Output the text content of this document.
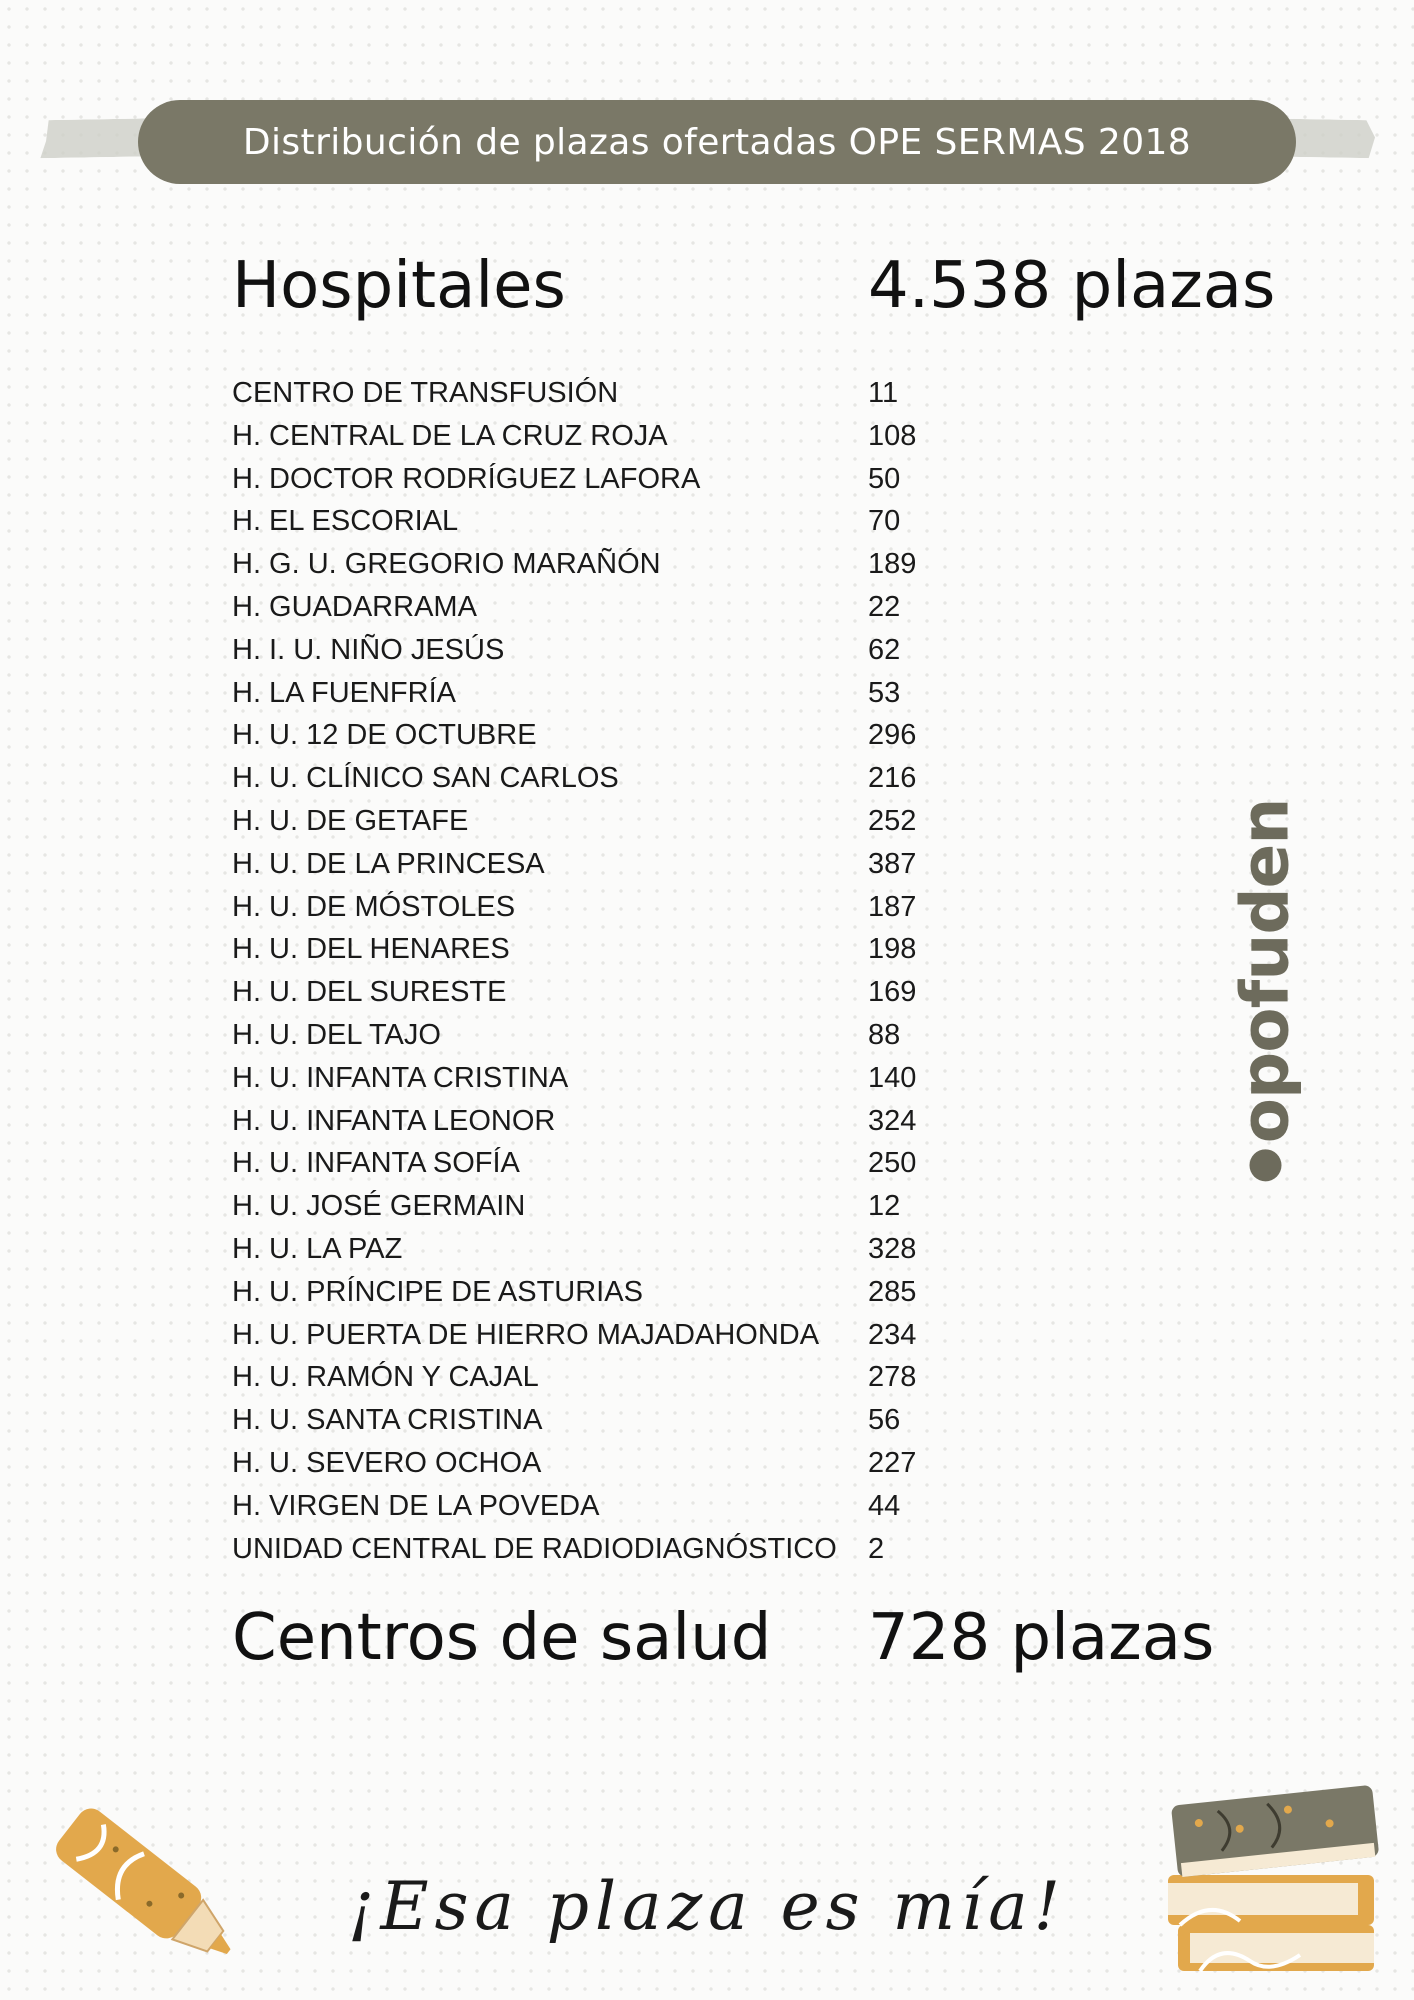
Distribución de plazas ofertadas OPE SERMAS 2018
Hospitales	4.538 plazas
CENTRO DE TRANSFUSIÓN	11
H. CENTRAL DE LA CRUZ ROJA	108
H. DOCTOR RODRÍGUEZ LAFORA	50
H. EL ESCORIAL	70
H. G. U. GREGORIO MARAÑÓN	189
H. GUADARRAMA	22
H. I. U. NIÑO JESÚS	62
H. LA FUENFRÍA	53
H. U. 12 DE OCTUBRE	296
H. U. CLÍNICO SAN CARLOS	216
H. U. DE GETAFE	252
H. U. DE LA PRINCESA	387
H. U. DE MÓSTOLES	187
H. U. DEL HENARES	198
H. U. DEL SURESTE	169
H. U. DEL TAJO	88
H. U. INFANTA CRISTINA	140
H. U. INFANTA LEONOR	324
H. U. INFANTA SOFÍA	250
H. U. JOSÉ GERMAIN	12
H. U. LA PAZ	328
H. U. PRÍNCIPE DE ASTURIAS	285
H. U. PUERTA DE HIERRO MAJADAHONDA 234
H. U. RAMÓN Y CAJAL	278
H. U. SANTA CRISTINA	56
H. U. SEVERO OCHOA	227
H. VIRGEN DE LA POVEDA	44
UNIDAD CENTRAL DE RADIODIAGNÓSTICO 2
Centros de salud 728 plazas
opofuden
¡Esa plaza es mía!
